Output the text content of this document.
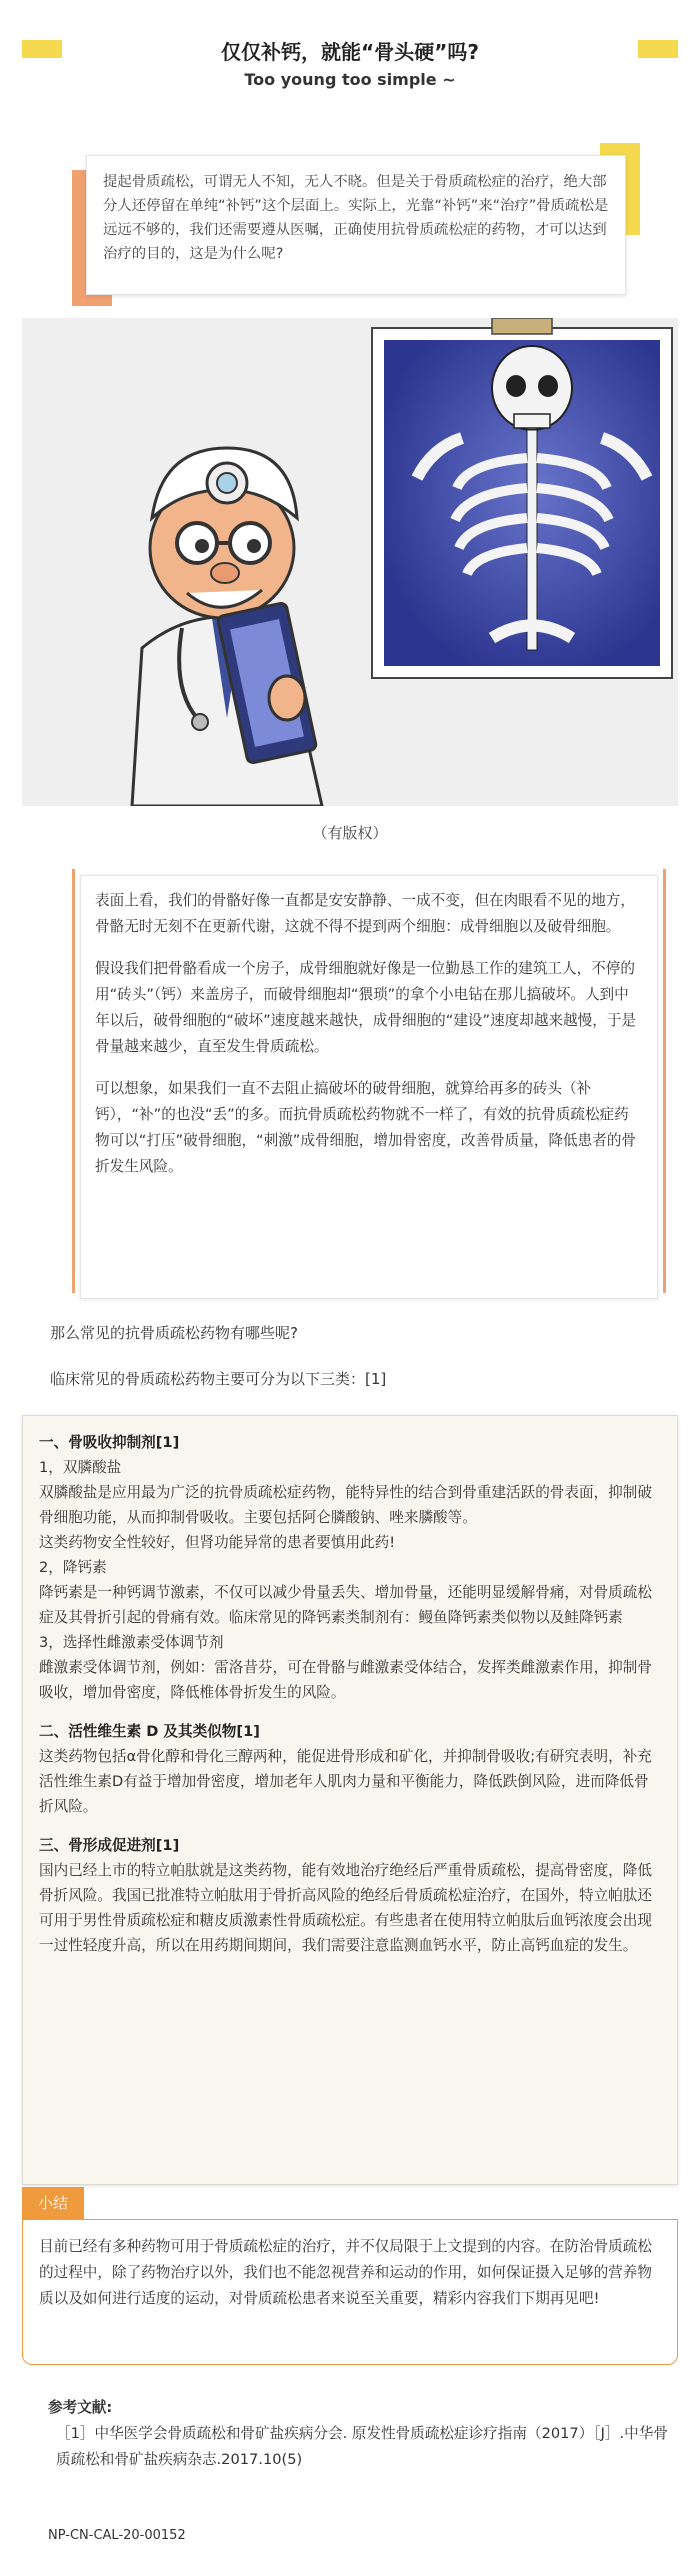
仅仅补钙，就能“骨头硬”吗?
Too young too simple ~

提起骨质疏松，可谓无人不知，无人不晓。但是关于骨质疏松症的治疗，绝大部分人还停留在单纯“补钙”这个层面上。实际上，光靠“补钙”来“治疗”骨质疏松是远远不够的，我们还需要遵从医嘱，正确使用抗骨质疏松症的药物，才可以达到治疗的目的，这是为什么呢?

（有版权）

表面上看，我们的骨骼好像一直都是安安静静、一成不变，但在肉眼看不见的地方，骨骼无时无刻不在更新代谢，这就不得不提到两个细胞：成骨细胞以及破骨细胞。

假设我们把骨骼看成一个房子，成骨细胞就好像是一位勤恳工作的建筑工人，不停的用“砖头”（钙）来盖房子，而破骨细胞却“猥琐”的拿个小电钻在那儿搞破坏。人到中年以后，破骨细胞的“破坏”速度越来越快，成骨细胞的“建设”速度却越来越慢，于是骨量越来越少，直至发生骨质疏松。

可以想象，如果我们一直不去阻止搞破坏的破骨细胞，就算给再多的砖头（补钙），“补”的也没“丢”的多。而抗骨质疏松药物就不一样了，有效的抗骨质疏松症药物可以“打压”破骨细胞，“刺激”成骨细胞，增加骨密度，改善骨质量，降低患者的骨折发生风险。

那么常见的抗骨质疏松药物有哪些呢?
临床常见的骨质疏松药物主要可分为以下三类：[1]
一、骨吸收抑制剂[1]
1，双膦酸盐
双膦酸盐是应用最为广泛的抗骨质疏松症药物，能特异性的结合到骨重建活跃的骨表面，抑制破骨细胞功能，从而抑制骨吸收。主要包括阿仑膦酸钠、唑来膦酸等。
这类药物安全性较好，但肾功能异常的患者要慎用此药!
2，降钙素
降钙素是一种钙调节激素，不仅可以减少骨量丢失、增加骨量，还能明显缓解骨痛，对骨质疏松症及其骨折引起的骨痛有效。临床常见的降钙素类制剂有：鳗鱼降钙素类似物以及鲑降钙素
3，选择性雌激素受体调节剂
雌激素受体调节剂，例如：雷洛昔芬，可在骨骼与雌激素受体结合，发挥类雌激素作用，抑制骨吸收，增加骨密度，降低椎体骨折发生的风险。
二、活性维生素 D 及其类似物[1]
这类药物包括α骨化醇和骨化三醇两种，能促进骨形成和矿化，并抑制骨吸收;有研究表明，补充活性维生素D有益于增加骨密度，增加老年人肌肉力量和平衡能力，降低跌倒风险，进而降低骨折风险。
三、骨形成促进剂[1]
国内已经上市的特立帕肽就是这类药物，能有效地治疗绝经后严重骨质疏松，提高骨密度，降低骨折风险。我国已批准特立帕肽用于骨折高风险的绝经后骨质疏松症治疗，在国外，特立帕肽还可用于男性骨质疏松症和糖皮质激素性骨质疏松症。有些患者在使用特立帕肽后血钙浓度会出现一过性轻度升高，所以在用药期间期间，我们需要注意监测血钙水平，防止高钙血症的发生。
小结

目前已经有多种药物可用于骨质疏松症的治疗，并不仅局限于上文提到的内容。在防治骨质疏松的过程中，除了药物治疗以外，我们也不能忽视营养和运动的作用，如何保证摄入足够的营养物质以及如何进行适度的运动，对骨质疏松患者来说至关重要，精彩内容我们下期再见吧!

参考文献:
［1］中华医学会骨质疏松和骨矿盐疾病分会. 原发性骨质疏松症诊疗指南（2017）［J］.中华骨质疏松和骨矿盐疾病杂志.2017.10(5)
NP-CN-CAL-20-00152
